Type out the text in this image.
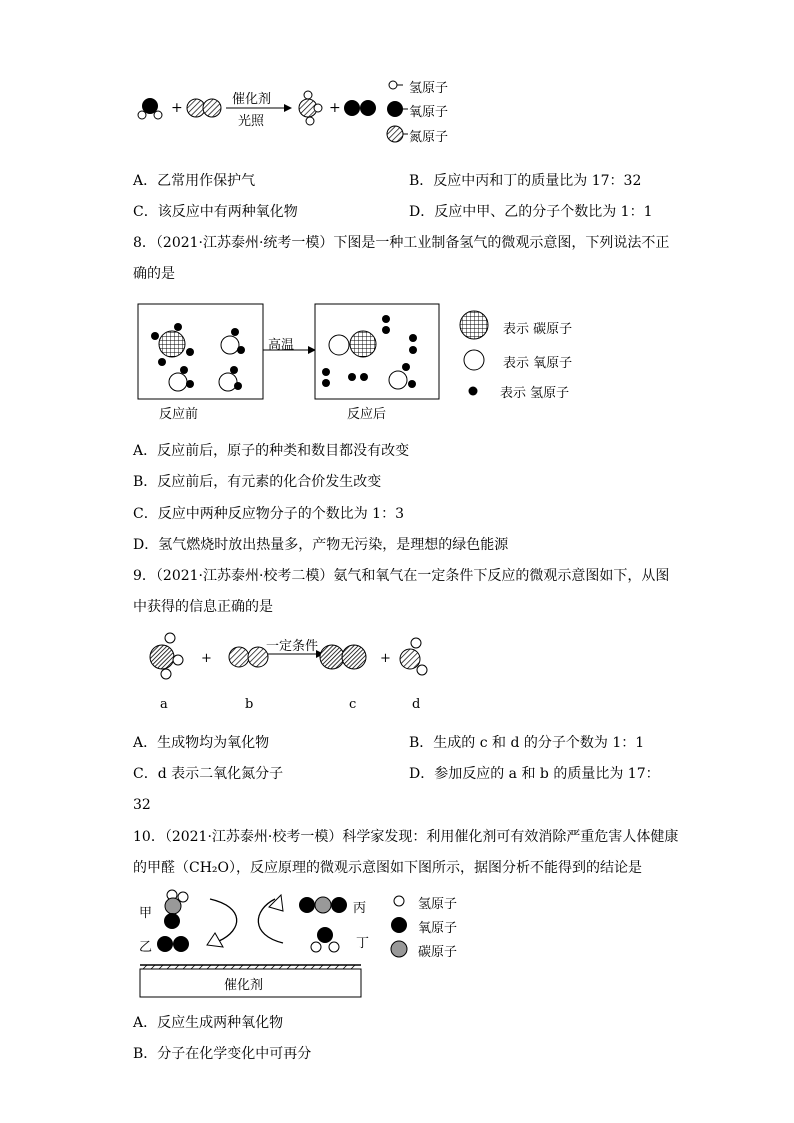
+	+
催化剂
光照
氢原子
氧原子
氮原子
A．乙常用作保护气	B．反应中丙和丁的质量比为 17：32
C．该反应中有两种氧化物	D．反应中甲、乙的分子个数比为 1：1
8．（2021·江苏泰州·统考一模）下图是一种工业制备氢气的微观示意图，下列说法不正
确的是
高温
反应前	反应后
表示 碳原子
表示 氧原子
表示 氢原子
A．反应前后，原子的种类和数目都没有改变
B．反应前后，有元素的化合价发生改变
C．反应中两种反应物分子的个数比为 1：3
D．氢气燃烧时放出热量多，产物无污染，是理想的绿色能源
9．（2021·江苏泰州·校考二模）氨气和氧气在一定条件下反应的微观示意图如下，从图
中获得的信息正确的是
+	+
一定条件
a	b	c	d
A．生成物均为氧化物	B．生成的 c 和 d 的分子个数为 1：1
C．d 表示二氧化氮分子	D．参加反应的 a 和 b 的质量比为 17：
32
10．（2021·江苏泰州·校考一模）科学家发现：利用催化剂可有效消除严重危害人体健康
的甲醛（CH₂O），反应原理的微观示意图如下图所示，据图分析不能得到的结论是
甲
乙
丙
丁
催化剂
氢原子
氧原子
碳原子
A．反应生成两种氧化物
B．分子在化学变化中可再分
